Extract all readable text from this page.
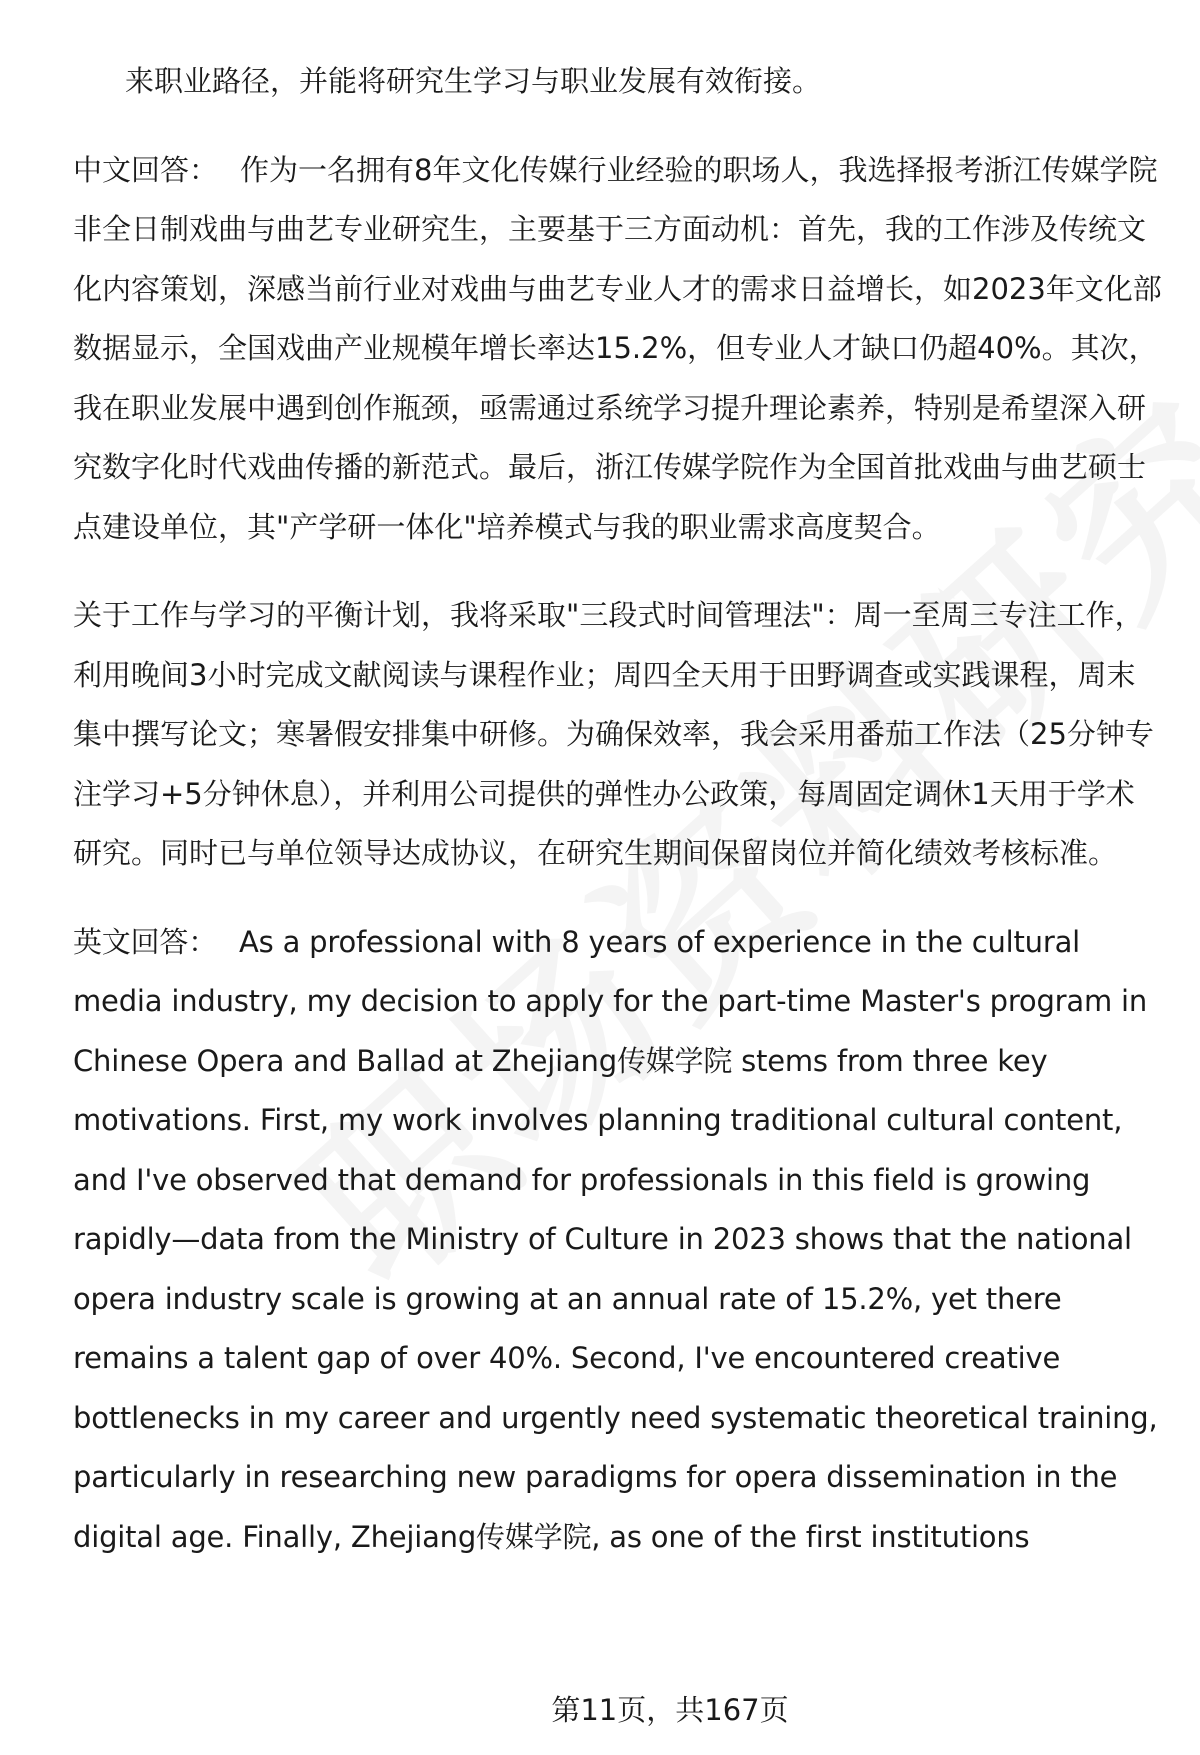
来职业路径，并能将研究生学习与职业发展有效衔接。

中文回答： 作为一名拥有8年文化传媒行业经验的职场人，我选择报考浙江传媒学院非全日制戏曲与曲艺专业研究生，主要基于三方面动机：首先，我的工作涉及传统文化内容策划，深感当前行业对戏曲与曲艺专业人才的需求日益增长，如2023年文化部数据显示，全国戏曲产业规模年增长率达15.2%，但专业人才缺口仍超40%。其次，我在职业发展中遇到创作瓶颈，亟需通过系统学习提升理论素养，特别是希望深入研究数字化时代戏曲传播的新范式。最后，浙江传媒学院作为全国首批戏曲与曲艺硕士点建设单位，其"产学研一体化"培养模式与我的职业需求高度契合。

关于工作与学习的平衡计划，我将采取"三段式时间管理法"：周一至周三专注工作，利用晚间3小时完成文献阅读与课程作业；周四全天用于田野调查或实践课程，周末集中撰写论文；寒暑假安排集中研修。为确保效率，我会采用番茄工作法（25分钟专注学习+5分钟休息），并利用公司提供的弹性办公政策，每周固定调休1天用于学术研究。同时已与单位领导达成协议，在研究生期间保留岗位并简化绩效考核标准。

英文回答： As a professional with 8 years of experience in the cultural media industry, my decision to apply for the part-time Master's program in Chinese Opera and Ballad at Zhejiang传媒学院 stems from three key motivations. First, my work involves planning traditional cultural content, and I've observed that demand for professionals in this field is growing rapidly—data from the Ministry of Culture in 2023 shows that the national opera industry scale is growing at an annual rate of 15.2%, yet there remains a talent gap of over 40%. Second, I've encountered creative bottlenecks in my career and urgently need systematic theoretical training, particularly in researching new paradigms for opera dissemination in the digital age. Finally, Zhejiang传媒学院, as one of the first institutions

第11页，共167页
